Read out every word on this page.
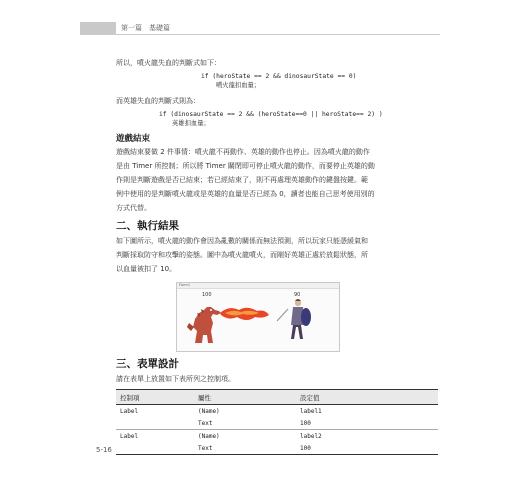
第一篇　基礎篇
所以，噴火龍失血的判斷式如下：
if (heroState == 2 && dinosaurState == 0)
噴火龍扣血量；
而英雄失血的判斷式則為：
if (dinosaurState == 2 && (heroState==0 || heroState== 2) )
英雄扣血量；
遊戲結束
遊戲結束要做 2 件事情：噴火龍不再動作、英雄的動作也停止。因為噴火龍的動作
是由 Timer 所控制；所以將 Timer 關閉即可停止噴火龍的動作，而要停止英雄的動
作則是判斷遊戲是否已結束；若已經結束了，則不再處理英雄動作的鍵盤按鍵。範
例中使用的是判斷噴火龍或是英雄的血量是否已經為 0，讀者也能自己思考使用別的
方式代替。
二、執行結果
如下圖所示，噴火龍的動作會因為亂數的關係而無法預測，所以玩家只能憑緩氣和
判斷採取防守和攻擊的姿態。圖中為噴火龍噴火，而剛好英雄正處於放鬆狀態，所
以血量被扣了 10。
Form1
100	90
三、表單設計
請在表單上放置如下表所列之控制項。
控制項	屬性	設定值
Label	(Name)	label1
	Text	100
Label	(Name)	label2
	Text	100
5-16
